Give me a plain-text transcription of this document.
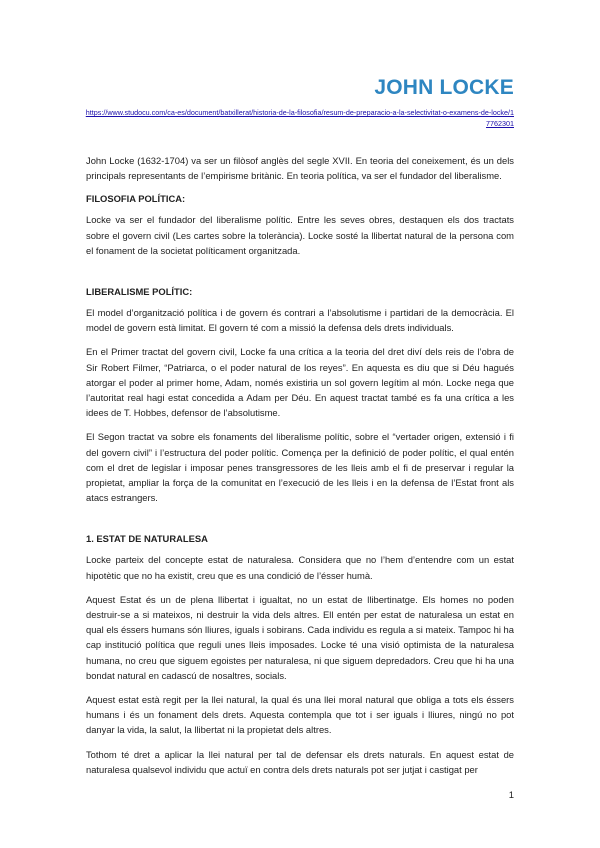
JOHN LOCKE
https://www.studocu.com/ca-es/document/batxillerat/historia-de-la-filosofia/resum-de-preparacio-a-la-selectivitat-o-examens-de-locke/17762301

John Locke (1632-1704) va ser un filòsof anglès del segle XVII. En teoria del coneixement, és un dels principals representants de l’empirisme britànic. En teoria política, va ser el fundador del liberalisme.

FILOSOFIA POLÍTICA:

Locke va ser el fundador del liberalisme polític. Entre les seves obres, destaquen els dos tractats sobre el govern civil (Les cartes sobre la tolerància). Locke sosté la llibertat natural de la persona com el fonament de la societat políticament organitzada.

LIBERALISME POLÍTIC:

El model d’organització política i de govern és contrari a l’absolutisme i partidari de la democràcia. El model de govern està limitat. El govern té com a missió la defensa dels drets individuals.

En el Primer tractat del govern civil, Locke fa una crítica a la teoria del dret diví dels reis de l’obra de Sir Robert Filmer, “Patriarca, o el poder natural de los reyes”. En aquesta es diu que si Déu hagués atorgar el poder al primer home, Adam, només existiria un sol govern legítim al món. Locke nega que l’autoritat real hagi estat concedida a Adam per Déu. En aquest tractat també es fa una crítica a les idees de T. Hobbes, defensor de l’absolutisme.

El Segon tractat va sobre els fonaments del liberalisme polític, sobre el “vertader origen, extensió i fi del govern civil” i l’estructura del poder polític. Comença per la definició de poder polític, el qual entén com el dret de legislar i imposar penes transgressores de les lleis amb el fi de preservar i regular la propietat, ampliar la força de la comunitat en l’execució de les lleis i en la defensa de l’Estat front als atacs estrangers.

1. ESTAT DE NATURALESA

Locke parteix del concepte estat de naturalesa. Considera que no l’hem d’entendre com un estat hipotètic que no ha existit, creu que es una condició de l’ésser humà.

Aquest Estat és un de plena llibertat i igualtat, no un estat de llibertinatge. Els homes no poden destruir-se a si mateixos, ni destruir la vida dels altres. Ell entén per estat de naturalesa un estat en qual els éssers humans són lliures, iguals i sobirans. Cada individu es regula a si mateix. Tampoc hi ha cap institució política que reguli unes lleis imposades. Locke té una visió optimista de la naturalesa humana, no creu que siguem egoistes per naturalesa, ni que siguem depredadors. Creu que hi ha una bondat natural en cadascú de nosaltres, socials.

Aquest estat està regit per la llei natural, la qual és una llei moral natural que obliga a tots els éssers humans i és un fonament dels drets. Aquesta contempla que tot i ser iguals i lliures, ningú no pot danyar la vida, la salut, la llibertat ni la propietat dels altres.

Tothom té dret a aplicar la llei natural per tal de defensar els drets naturals. En aquest estat de naturalesa qualsevol individu que actuï en contra dels drets naturals pot ser jutjat i castigat per

1
